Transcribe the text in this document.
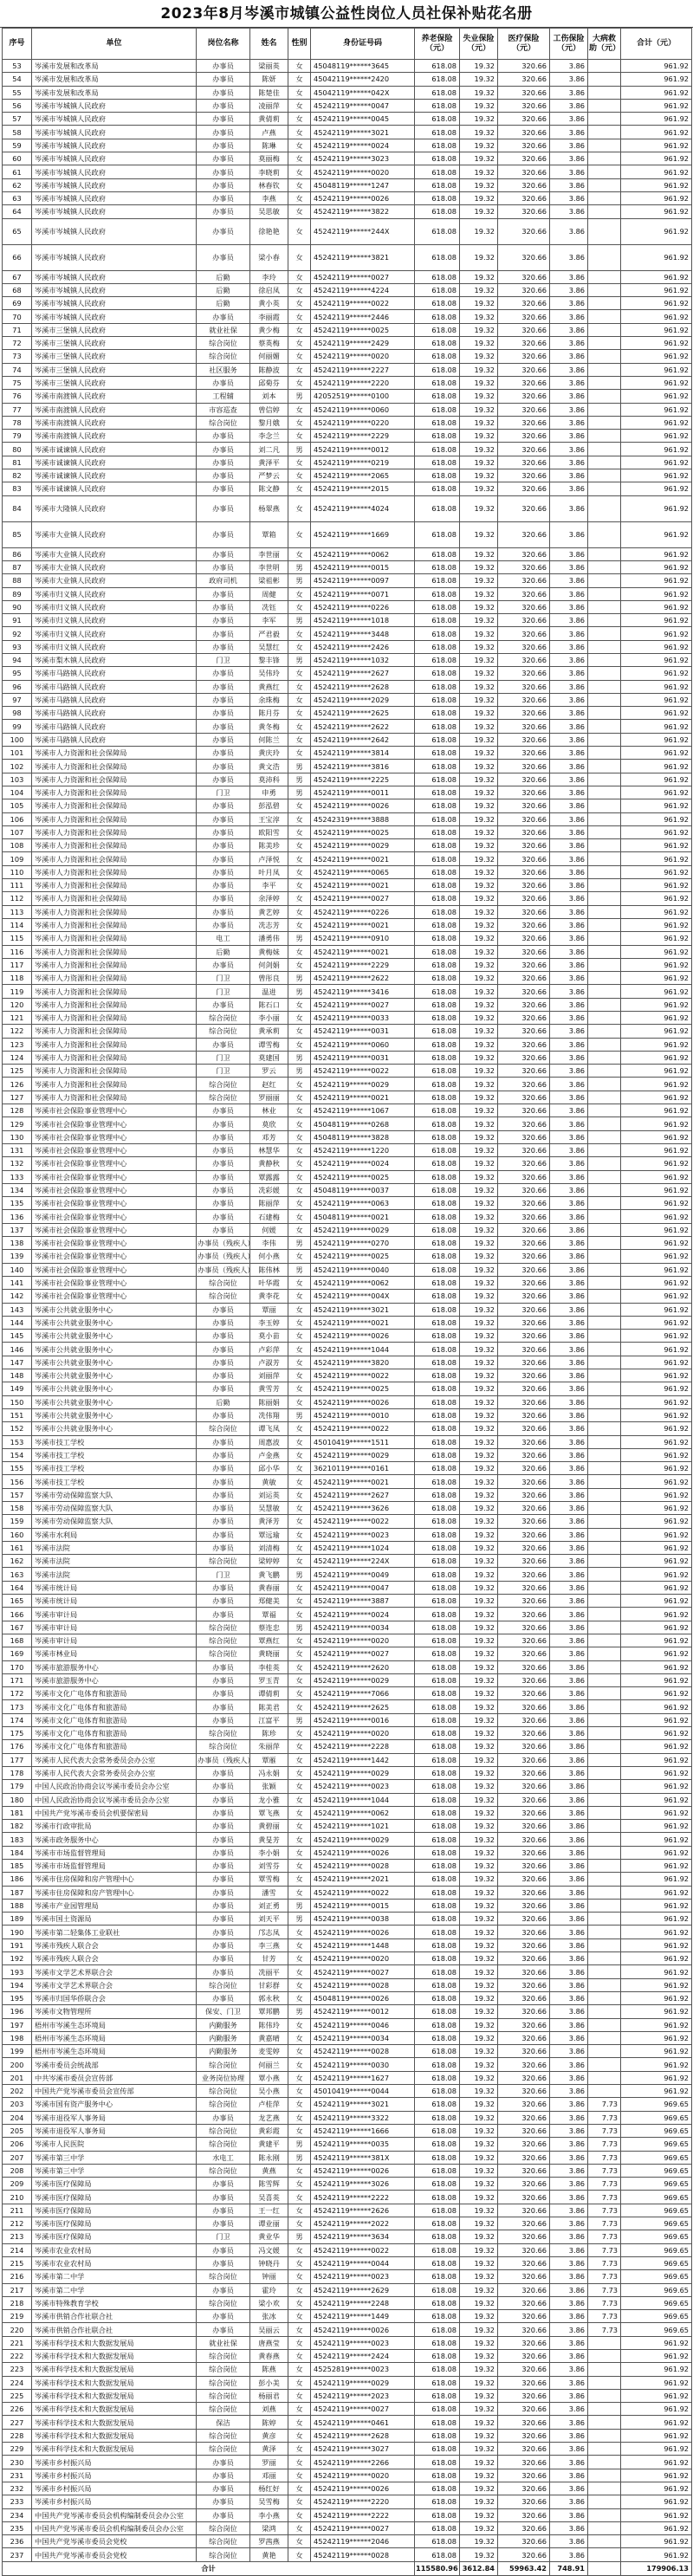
2023年8月岑溪市城镇公益性岗位人员社保补贴花名册
序号	单位	岗位名称	姓名	性别	身份证号码	养老保险（元）	失业保险（元）	医疗保险（元）	工伤保险（元）	大病救助（元）	合计（元）
53	岑溪市发展和改革局	办事员	梁丽英	女	45048119******3645	618.08	19.32	320.66	3.86		961.92
54	岑溪市发展和改革局	办事员	陈妍	女	45042119******2420	618.08	19.32	320.66	3.86		961.92
55	岑溪市发展和改革局	办事员	陈楚佳	女	45042119******042X	618.08	19.32	320.66	3.86		961.92
56	岑溪市岑城镇人民政府	办事员	凌丽萍	女	45242119******0047	618.08	19.32	320.66	3.86		961.92
57	岑溪市岑城镇人民政府	办事员	黄倩莉	女	45242119******0045	618.08	19.32	320.66	3.86		961.92
58	岑溪市岑城镇人民政府	办事员	卢燕	女	45242119******3021	618.08	19.32	320.66	3.86		961.92
59	岑溪市岑城镇人民政府	办事员	陈琳	女	45242119******0024	618.08	19.32	320.66	3.86		961.92
60	岑溪市岑城镇人民政府	办事员	莫丽梅	女	45242119******3023	618.08	19.32	320.66	3.86		961.92
61	岑溪市岑城镇人民政府	办事员	李晓莉	女	45242119******0020	618.08	19.32	320.66	3.86		961.92
62	岑溪市岑城镇人民政府	办事员	林春钦	女	45048119******1247	618.08	19.32	320.66	3.86		961.92
63	岑溪市岑城镇人民政府	办事员	李燕	女	45242119******0026	618.08	19.32	320.66	3.86		961.92
64	岑溪市岑城镇人民政府	办事员	吴思敏	女	45242119******3822	618.08	19.32	320.66	3.86		961.92
65	岑溪市岑城镇人民政府	办事员	徐艳艳	女	45242119******244X	618.08	19.32	320.66	3.86		961.92
66	岑溪市岑城镇人民政府	办事员	梁小春	女	45242119******3821	618.08	19.32	320.66	3.86		961.92
67	岑溪市岑城镇人民政府	后勤	李玲	女	45242119******0027	618.08	19.32	320.66	3.86		961.92
68	岑溪市岑城镇人民政府	后勤	徐启凤	女	45242119******4224	618.08	19.32	320.66	3.86		961.92
69	岑溪市岑城镇人民政府	后勤	黄小英	女	45242119******0022	618.08	19.32	320.66	3.86		961.92
70	岑溪市岑城镇人民政府	办事员	李丽霞	女	45242119******2446	618.08	19.32	320.66	3.86		961.92
71	岑溪市三堡镇人民政府	就业社保	黄少梅	女	45242119******0025	618.08	19.32	320.66	3.86		961.92
72	岑溪市三堡镇人民政府	综合岗位	蔡英梅	女	45242119******2429	618.08	19.32	320.66	3.86		961.92
73	岑溪市三堡镇人民政府	综合岗位	何丽媚	女	45242119******0020	618.08	19.32	320.66	3.86		961.92
74	岑溪市三堡镇人民政府	社区服务	陈静波	女	45242119******2227	618.08	19.32	320.66	3.86		961.92
75	岑溪市三堡镇人民政府	办事员	邱菊芬	女	45242119******2220	618.08	19.32	320.66	3.86		961.92
76	岑溪市南渡镇人民政府	工程辅	刘本	男	42052519******0100	618.08	19.32	320.66	3.86		961.92
77	岑溪市南渡镇人民政府	市容巡查	曾信婷	女	45242119******0060	618.08	19.32	320.66	3.86		961.92
78	岑溪市南渡镇人民政府	综合岗位	黎月娥	女	45242119******0220	618.08	19.32	320.66	3.86		961.92
79	岑溪市南渡镇人民政府	办事员	李念兰	女	45242119******2229	618.08	19.32	320.66	3.86		961.92
80	岑溪市诚谏镇人民政府	办事员	刘二凡	男	45242119******0012	618.08	19.32	320.66	3.86		961.92
81	岑溪市诚谏镇人民政府	办事员	黄泽平	女	45242119******0219	618.08	19.32	320.66	3.86		961.92
82	岑溪市诚谏镇人民政府	办事员	严梦云	女	45242119******2065	618.08	19.32	320.66	3.86		961.92
83	岑溪市诚谏镇人民政府	办事员	陈文静	女	45242119******2015	618.08	19.32	320.66	3.86		961.92
84	岑溪市大隆镇人民政府	办事员	杨翠燕	女	45242119******4024	618.08	19.32	320.66	3.86		961.92
85	岑溪市大业镇人民政府	办事员	覃箱	女	45242119******1669	618.08	19.32	320.66	3.86		961.92
86	岑溪市大业镇人民政府	办事员	李世丽	女	45242119******0062	618.08	19.32	320.66	3.86		961.92
87	岑溪市大业镇人民政府	办事员	李世明	男	45242119******0015	618.08	19.32	320.66	3.86		961.92
88	岑溪市大业镇人民政府	政府司机	梁祖彬	男	45242119******0097	618.08	19.32	320.66	3.86		961.92
89	岑溪市归义镇人民政府	办事员	周健	女	45242119******0071	618.08	19.32	320.66	3.86		961.92
90	岑溪市归义镇人民政府	办事员	冼钰	女	45242119******0226	618.08	19.32	320.66	3.86		961.92
91	岑溪市归义镇人民政府	办事员	李军	男	45242119******1018	618.08	19.32	320.66	3.86		961.92
92	岑溪市归义镇人民政府	办事员	严君毅	女	45242119******3448	618.08	19.32	320.66	3.86		961.92
93	岑溪市归义镇人民政府	办事员	吴慧红	女	45242119******2426	618.08	19.32	320.66	3.86		961.92
94	岑溪市梨木镇人民政府	门卫	黎丰锋	男	45242119******1032	618.08	19.32	320.66	3.86		961.92
95	岑溪市马路镇人民政府	办事员	吴伟玲	女	45242119******2627	618.08	19.32	320.66	3.86		961.92
96	岑溪市马路镇人民政府	办事员	黄燕红	女	45242119******2628	618.08	19.32	320.66	3.86		961.92
97	岑溪市马路镇人民政府	办事员	余珠梅	女	45242119******2029	618.08	19.32	320.66	3.86		961.92
98	岑溪市马路镇人民政府	办事员	陈月芬	女	45242119******2625	618.08	19.32	320.66	3.86		961.92
99	岑溪市马路镇人民政府	办事员	黄冬梅	女	45242119******2622	618.08	19.32	320.66	3.86		961.92
100	岑溪市马路镇人民政府	办事员	何陈兰	女	45242119******2642	618.08	19.32	320.66	3.86		961.92
101	岑溪市人力资源和社会保障局	办事员	黄庆玲	女	45242119******3814	618.08	19.32	320.66	3.86		961.92
102	岑溪市人力资源和社会保障局	办事员	黄文浩	男	45242119******3816	618.08	19.32	320.66	3.86		961.92
103	岑溪市人力资源和社会保障局	办事员	莫沛科	男	45242119******2225	618.08	19.32	320.66	3.86		961.92
104	岑溪市人力资源和社会保障局	门卫	申勇	男	45242119******0011	618.08	19.32	320.66	3.86		961.92
105	岑溪市人力资源和社会保障局	办事员	彭泓碧	女	45242119******0026	618.08	19.32	320.66	3.86		961.92
106	岑溪市人力资源和社会保障局	办事员	王宝淳	女	45242319******3888	618.08	19.32	320.66	3.86		961.92
107	岑溪市人力资源和社会保障局	办事员	欧阳雪	女	45242119******0025	618.08	19.32	320.66	3.86		961.92
108	岑溪市人力资源和社会保障局	办事员	陈美珍	女	45242119******0029	618.08	19.32	320.66	3.86		961.92
109	岑溪市人力资源和社会保障局	办事员	卢泽悦	女	45242119******0021	618.08	19.32	320.66	3.86		961.92
110	岑溪市人力资源和社会保障局	办事员	叶月凤	女	45242119******0065	618.08	19.32	320.66	3.86		961.92
111	岑溪市人力资源和社会保障局	办事员	李平	女	45242119******0021	618.08	19.32	320.66	3.86		961.92
112	岑溪市人力资源和社会保障局	办事员	余泽婷	女	45242119******0027	618.08	19.32	320.66	3.86		961.92
113	岑溪市人力资源和社会保障局	办事员	黄艺婷	女	45242119******0226	618.08	19.32	320.66	3.86		961.92
114	岑溪市人力资源和社会保障局	办事员	冼志芳	女	45242119******0021	618.08	19.32	320.66	3.86		961.92
115	岑溪市人力资源和社会保障局	电工	潘勇伟	男	45242119******0910	618.08	19.32	320.66	3.86		961.92
116	岑溪市人力资源和社会保障局	后勤	黄梅妹	女	45242119******0021	618.08	19.32	320.66	3.86		961.92
117	岑溪市人力资源和社会保障局	办事员	何剑娟	女	45242119******2229	618.08	19.32	320.66	3.86		961.92
118	岑溪市人力资源和社会保障局	门卫	曾彤良	男	45242119******2622	618.08	19.32	320.66	3.86		961.92
119	岑溪市人力资源和社会保障局	门卫	温进	男	45242119******3416	618.08	19.32	320.66	3.86		961.92
120	岑溪市人力资源和社会保障局	办事员	陈石口	女	45242119******0027	618.08	19.32	320.66	3.86		961.92
121	岑溪市人力资源和社会保障局	综合岗位	李小丽	女	45242119******0033	618.08	19.32	320.66	3.86		961.92
122	岑溪市人力资源和社会保障局	综合岗位	黄承莉	女	45242119******0031	618.08	19.32	320.66	3.86		961.92
123	岑溪市人力资源和社会保障局	办事员	谭雪梅	女	45242119******0060	618.08	19.32	320.66	3.86		961.92
124	岑溪市人力资源和社会保障局	门卫	莫建国	男	45242119******0031	618.08	19.32	320.66	3.86		961.92
125	岑溪市人力资源和社会保障局	门卫	罗云	男	45242119******0022	618.08	19.32	320.66	3.86		961.92
126	岑溪市人力资源和社会保障局	综合岗位	赵红	女	45242119******0029	618.08	19.32	320.66	3.86		961.92
127	岑溪市人力资源和社会保障局	综合岗位	罗丽丽	女	45242119******0021	618.08	19.32	320.66	3.86		961.92
128	岑溪市社会保险事业管理中心	办事员	林业	女	45242119******1067	618.08	19.32	320.66	3.86		961.92
129	岑溪市社会保险事业管理中心	办事员	莫欣	女	45048119******0268	618.08	19.32	320.66	3.86		961.92
130	岑溪市社会保险事业管理中心	办事员	邓芳	女	45048119******3828	618.08	19.32	320.66	3.86		961.92
131	岑溪市社会保险事业管理中心	办事员	林慧华	女	45242119******1220	618.08	19.32	320.66	3.86		961.92
132	岑溪市社会保险事业管理中心	办事员	黄静秋	女	45242119******0024	618.08	19.32	320.66	3.86		961.92
133	岑溪市社会保险事业管理中心	办事员	覃露露	女	45242119******0025	618.08	19.32	320.66	3.86		961.92
134	岑溪市社会保险事业管理中心	办事员	冼彩媛	女	45048119******0037	618.08	19.32	320.66	3.86		961.92
135	岑溪市社会保险事业管理中心	办事员	陈丽萍	女	45242119******0063	618.08	19.32	320.66	3.86		961.92
136	岑溪市社会保险事业管理中心	办事员	石建梅	女	45048119******0021	618.08	19.32	320.66	3.86		961.92
137	岑溪市社会保险事业管理中心	办事员	何媛	女	45242119******0029	618.08	19.32	320.66	3.86		961.92
138	岑溪市社会保险事业管理中心	办事员（残疾人）	李伟	男	45242119******0270	618.08	19.32	320.66	3.86		961.92
139	岑溪市社会保险事业管理中心	办事员（残疾人）	何小燕	女	45242119******0025	618.08	19.32	320.66	3.86		961.92
140	岑溪市社会保险事业管理中心	办事员（残疾人）	陈伟林	男	45242119******0040	618.08	19.32	320.66	3.86		961.92
141	岑溪市社会保险事业管理中心	综合岗位	叶华霞	女	45242119******0062	618.08	19.32	320.66	3.86		961.92
142	岑溪市社会保险事业管理中心	综合岗位	黄李花	女	45242119******004X	618.08	19.32	320.66	3.86		961.92
143	岑溪市公共就业服务中心	办事员	覃丽	女	45242119******3021	618.08	19.32	320.66	3.86		961.92
144	岑溪市公共就业服务中心	办事员	李玉婷	女	45242119******0021	618.08	19.32	320.66	3.86		961.92
145	岑溪市公共就业服务中心	办事员	莫小苗	女	45242119******0026	618.08	19.32	320.66	3.86		961.92
146	岑溪市公共就业服务中心	办事员	卢彩萍	女	45242119******1044	618.08	19.32	320.66	3.86		961.92
147	岑溪市公共就业服务中心	办事员	卢淑芳	女	45242119******3820	618.08	19.32	320.66	3.86		961.92
148	岑溪市公共就业服务中心	办事员	刘丽萍	女	45242119******0022	618.08	19.32	320.66	3.86		961.92
149	岑溪市公共就业服务中心	办事员	黄雪芳	女	45242119******0025	618.08	19.32	320.66	3.86		961.92
150	岑溪市公共就业服务中心	后勤	陈丽娟	女	45242119******0026	618.08	19.32	320.66	3.86		961.92
151	岑溪市公共就业服务中心	办事员	冼伟翔	男	45242119******0010	618.08	19.32	320.66	3.86		961.92
152	岑溪市公共就业服务中心	综合岗位	谭飞凤	女	45242119******0022	618.08	19.32	320.66	3.86		961.92
153	岑溪市技工学校	办事员	周惠波	女	45010419******1511	618.08	19.32	320.66	3.86		961.92
154	岑溪市技工学校	办事员	卢金燕	女	45242119******0029	618.08	19.32	320.66	3.86		961.92
155	岑溪市技工学校	办事员	邱小华	女	36210119******0161	618.08	19.32	320.66	3.86		961.92
156	岑溪市技工学校	办事员	黄敏	女	45242119******0021	618.08	19.32	320.66	3.86		961.92
157	岑溪市劳动保障监察大队	办事员	刘运英	女	45242119******2627	618.08	19.32	320.66	3.86		961.92
158	岑溪市劳动保障监察大队	办事员	吴慧敏	女	45242119******3626	618.08	19.32	320.66	3.86		961.92
159	岑溪市劳动保障监察大队	办事员	黄泽芳	女	45242119******0022	618.08	19.32	320.66	3.86		961.92
160	岑溪市水利局	办事员	覃远瑜	女	45242119******0023	618.08	19.32	320.66	3.86		961.92
161	岑溪市法院	办事员	刘清梅	女	45242119******1024	618.08	19.32	320.66	3.86		961.92
162	岑溪市法院	综合岗位	梁婷婷	女	45242119******224X	618.08	19.32	320.66	3.86		961.92
163	岑溪市法院	门卫	黄飞鹏	男	45242119******0049	618.08	19.32	320.66	3.86		961.92
164	岑溪市统计局	办事员	黄春丽	女	45242119******0047	618.08	19.32	320.66	3.86		961.92
165	岑溪市统计局	办事员	郑健美	女	45242119******3887	618.08	19.32	320.66	3.86		961.92
166	岑溪市审计局	办事员	覃福	女	45242119******0024	618.08	19.32	320.66	3.86		961.92
167	岑溪市审计局	综合岗位	蔡连忠	男	45242119******0034	618.08	19.32	320.66	3.86		961.92
168	岑溪市审计局	综合岗位	覃燕红	女	45242119******0020	618.08	19.32	320.66	3.86		961.92
169	岑溪市林业局	综合岗位	黄晓丽	女	45242119******0027	618.08	19.32	320.66	3.86		961.92
170	岑溪市旅游服务中心	办事员	李桂英	女	45242119******2620	618.08	19.32	320.66	3.86		961.92
171	岑溪市旅游服务中心	办事员	罗玉青	女	45242119******0029	618.08	19.32	320.66	3.86		961.92
172	岑溪市文化广电体育和旅游局	办事员	谭倩莉	女	45242119******7066	618.08	19.32	320.66	3.86		961.92
173	岑溪市文化广电体育和旅游局	办事员	陈美君	女	45242119******2625	618.08	19.32	320.66	3.86		961.92
174	岑溪市文化广电体育和旅游局	办事员	江富平	男	45242119******0016	618.08	19.32	320.66	3.86		961.92
175	岑溪市文化广电体育和旅游局	综合岗位	陈珍	女	45242119******0020	618.08	19.32	320.66	3.86		961.92
176	岑溪市文化广电体育和旅游局	综合岗位	朱丽萍	女	45242119******2228	618.08	19.32	320.66	3.86		961.92
177	岑溪市人民代表大会常务委员会办公室	办事员（残疾人）	覃雁	女	45242119******1442	618.08	19.32	320.66	3.86		961.92
178	岑溪市人民代表大会常务委员会办公室	办事员	冯永娟	女	45242119******0029	618.08	19.32	320.66	3.86		961.92
179	中国人民政治协商会议岑溪市委员会办公室	办事员	张颖	女	45242119******0023	618.08	19.32	320.66	3.86		961.92
180	中国人民政治协商会议岑溪市委员会办公室	办事员	龙小雅	女	45242119******1044	618.08	19.32	320.66	3.86		961.92
181	中国共产党岑溪市委员会机要保密局	办事员	覃飞燕	女	45242119******0062	618.08	19.32	320.66	3.86		961.92
182	岑溪市行政审批局	办事员	黄碧丽	女	45242119******1021	618.08	19.32	320.66	3.86		961.92
183	岑溪市政务服务中心	办事员	黄旻芳	女	45242119******0029	618.08	19.32	320.66	3.86		961.92
184	岑溪市市场监督管理局	办事员	李小娟	女	45242119******0026	618.08	19.32	320.66	3.86		961.92
185	岑溪市市场监督管理局	办事员	刘雪芬	女	45242119******0028	618.08	19.32	320.66	3.86		961.92
186	岑溪市住房保障和房产管理中心	办事员	覃雪梅	女	45242119******2021	618.08	19.32	320.66	3.86		961.92
187	岑溪市住房保障和房产管理中心	办事员	潘雪	女	45242119******0022	618.08	19.32	320.66	3.86		961.92
188	岑溪市产业园管理局	办事员	刘正勇	男	45242119******0015	618.08	19.32	320.66	3.86		961.92
189	岑溪市国土资源局	办事员	刘天平	男	45242119******0038	618.08	19.32	320.66	3.86		961.92
190	岑溪市第二轻集体工业联社	办事员	邝志凤	女	45242119******0026	618.08	19.32	320.66	3.86		961.92
191	岑溪市残疾人联合会	办事员	李三燕	女	45242119******1448	618.08	19.32	320.66	3.86		961.92
192	岑溪市残疾人联合会	办事员	甘芳	女	45242119******0020	618.08	19.32	320.66	3.86		961.92
193	岑溪市文学艺术界联合会	办事员	冼丽平	女	45242119******0027	618.08	19.32	320.66	3.86		961.92
194	岑溪市文学艺术界联合会	综合岗位	甘彩群	女	45242119******0028	618.08	19.32	320.66	3.86		961.92
195	岑溪市归国华侨联合会	办事员	郭永秋	女	45048119******0026	618.08	19.32	320.66	3.86		961.92
196	岑溪市文物管理所	保安、门卫	覃邦鹏	男	45242119******0012	618.08	19.32	320.66	3.86		961.92
197	梧州市岑溪生态环境局	内勤服务	陈伟玲	女	45242119******0046	618.08	19.32	320.66	3.86		961.92
198	梧州市岑溪生态环境局	内勤服务	黄嘉晴	女	45242119******0034	618.08	19.32	320.66	3.86		961.92
199	梧州市岑溪生态环境局	内勤服务	麦雯婷	女	45242119******0028	618.08	19.32	320.66	3.86		961.92
200	岑溪市委员会统战部	综合岗位	何丽兰	女	45242119******0030	618.08	19.32	320.66	3.86		961.92
201	中共岑溪市委员会宣传部	业务岗位协理	覃小燕	女	45242119******1627	618.08	19.32	320.66	3.86		961.92
202	中国共产党岑溪市委员会宣传部	综合岗位	吴小燕	女	45010419******0044	618.08	19.32	320.66	3.86		961.92
203	岑溪市国有资产服务中心	综合岗位	卢桂萍	女	45242119******3021	618.08	19.32	320.66	3.86	7.73	969.65
204	岑溪市退役军人事务局	办事员	龙艺燕	女	45242119******3322	618.08	19.32	320.66	3.86	7.73	969.65
205	岑溪市退役军人事务局	综合岗位	黄彩霞	女	45242119******1666	618.08	19.32	320.66	3.86	7.73	969.65
206	岑溪市人民医院	综合岗位	黄建平	男	45242119******0035	618.08	19.32	320.66	3.86	7.73	969.65
207	岑溪市第三中学	水电工	陈永刚	男	45242119******381X	618.08	19.32	320.66	3.86	7.73	969.65
208	岑溪市第三中学	综合岗位	黄燕	女	45242119******0026	618.08	19.32	320.66	3.86	7.73	969.65
209	岑溪市医疗保障局	办事员	陈雪辉	女	45242119******3026	618.08	19.32	320.66	3.86	7.73	969.65
210	岑溪市医疗保障局	办事员	吴喜英	女	45242119******2222	618.08	19.32	320.66	3.86	7.73	969.65
211	岑溪市医疗保障局	办事员	王一红	女	45242119******2626	618.08	19.32	320.66	3.86	7.73	969.65
212	岑溪市医疗保障局	办事员	谭业丽	女	45242119******2022	618.08	19.32	320.66	3.86	7.73	969.65
213	岑溪市医疗保障局	门卫	黄业华	男	45242119******3634	618.08	19.32	320.66	3.86	7.73	969.65
214	岑溪市农业农村局	办事员	冯文媛	女	45242119******0022	618.08	19.32	320.66	3.86	7.73	969.65
215	岑溪市农业农村局	办事员	钟晓丹	女	45242119******0044	618.08	19.32	320.66	3.86	7.73	969.65
216	岑溪市第二中学	综合岗位	钟丽	女	45242119******0023	618.08	19.32	320.66	3.86	7.73	969.65
217	岑溪市第二中学	办事员	霍玲	女	45242119******2629	618.08	19.32	320.66	3.86	7.73	969.65
218	岑溪市特殊教育学校	综合岗位	梁小欢	女	45242119******2248	618.08	19.32	320.66	3.86	7.73	969.65
219	岑溪市供销合作社联合社	办事员	张冰	女	45242119******1449	618.08	19.32	320.66	3.86	7.73	969.65
220	岑溪市供销合作社联合社	办事员	吴丽云	女	45242119******0026	618.08	19.32	320.66	3.86	7.73	969.65
221	岑溪市科学技术和大数据发展局	就业社保	唐燕莹	女	45242119******0023	618.08	19.32	320.66	3.86		961.92
222	岑溪市科学技术和大数据发展局	综合岗位	黄春燕	女	45242119******2424	618.08	19.32	320.66	3.86		961.92
223	岑溪市科学技术和大数据发展局	综合岗位	陈燕	女	45252819******0023	618.08	19.32	320.66	3.86		961.92
224	岑溪市科学技术和大数据发展局	综合岗位	彭小美	女	45242119******0029	618.08	19.32	320.66	3.86		961.92
225	岑溪市科学技术和大数据发展局	综合岗位	杨丽君	女	45242119******2023	618.08	19.32	320.66	3.86		961.92
226	岑溪市科学技术和大数据发展局	综合岗位	刘燕	女	45242119******0027	618.08	19.32	320.66	3.86		961.92
227	岑溪市科学技术和大数据发展局	保洁	陈婷	女	45242119******0461	618.08	19.32	320.66	3.86		961.92
228	岑溪市科学技术和大数据发展局	综合岗位	黄彦	女	45242119******2628	618.08	19.32	320.66	3.86		961.92
229	岑溪市科学技术和大数据发展局	综合岗位	黄泽	女	45242119******3027	618.08	19.32	320.66	3.86		961.92
230	岑溪市乡村振兴局	办事员	罗丽	女	45242119******2266	618.08	19.32	320.66	3.86		961.92
231	岑溪市乡村振兴局	办事员	邓丽	女	45242119******0020	618.08	19.32	320.66	3.86		961.92
232	岑溪市乡村振兴局	办事员	杨红好	女	45242119******0026	618.08	19.32	320.66	3.86		961.92
233	岑溪市乡村振兴局	办事员	吴雪梅	女	45242119******2220	618.08	19.32	320.66	3.86		961.92
234	中国共产党岑溪市委员会机构编制委员会办公室	办事员	李小燕	女	45242119******2222	618.08	19.32	320.66	3.86		961.92
235	中国共产党岑溪市委员会机构编制委员会办公室	综合岗位	梁鸿	女	45242119******0027	618.08	19.32	320.66	3.86		961.92
236	中国共产党岑溪市委员会党校	综合岗位	罗茜燕	女	45242119******2046	618.08	19.32	320.66	3.86		961.92
237	中国共产党岑溪市委员会党校	综合岗位	黄艳	女	45242119******0028	618.08	19.32	320.66	3.86		961.92
合计						115580.96	3612.84	59963.42	748.91		179906.13
